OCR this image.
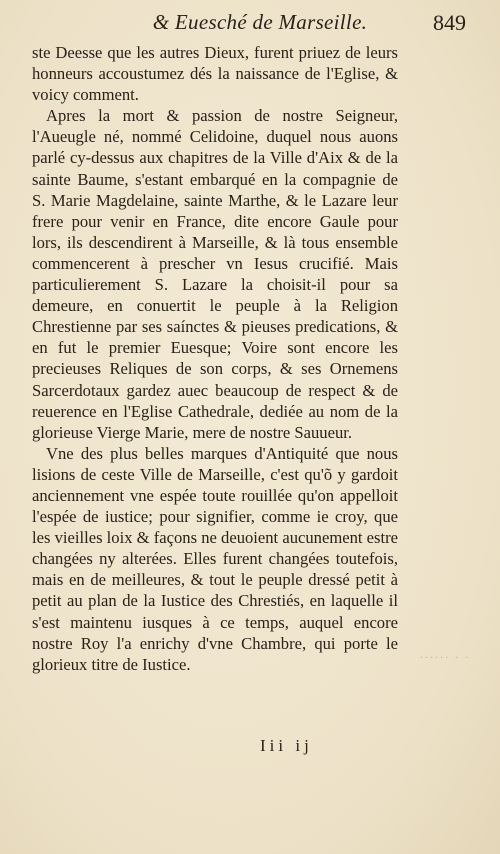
& Euesché de Marseille.	849

ste Deesse que les autres Dieux, furent priuez de leurs honneurs accoustumez dés la naissance de l'Eglise, & voicy comment.

Apres la mort & passion de nostre Seigneur, l'Aueugle né, nommé Celidoine, duquel nous auons parlé cy-dessus aux chapitres de la Ville d'Aix & de la sainte Baume, s'estant embarqué en la compagnie de S. Marie Magdelaine, sainte Marthe, & le Lazare leur frere pour venir en France, dite encore Gaule pour lors, ils descendirent à Marseille, & là tous ensemble commencerent à prescher vn Iesus crucifié. Mais particulierement S. Lazare la choisit-il pour sa demeure, en conuertit le peuple à la Religion Chrestienne par ses saínctes & pieuses predications, & en fut le premier Euesque; Voire sont encore les precieuses Reliques de son corps, & ses Ornemens Sarcerdotaux gardez auec beaucoup de respect & de reuerence en l'Eglise Cathedrale, dediée au nom de la glorieuse Vierge Marie, mere de nostre Sauueur.

Vne des plus belles marques d'Antiquité que nous lisions de ceste Ville de Marseille, c'est qu'õ y gardoit anciennement vne espée toute rouillée qu'on appelloit l'espée de iustice; pour signifier, comme ie croy, que les vieilles loix & façons ne deuoient aucunement estre changées ny alterées. Elles furent changées toutefois, mais en de meilleures, & tout le peuple dressé petit à petit au plan de la Iustice des Chrestiés, en laquelle il s'est maintenu iusques à ce temps, auquel encore nostre Roy l'a enrichy d'vne Chambre, qui porte le glorieux titre de Iustice.

Iii ij
······ · ·
